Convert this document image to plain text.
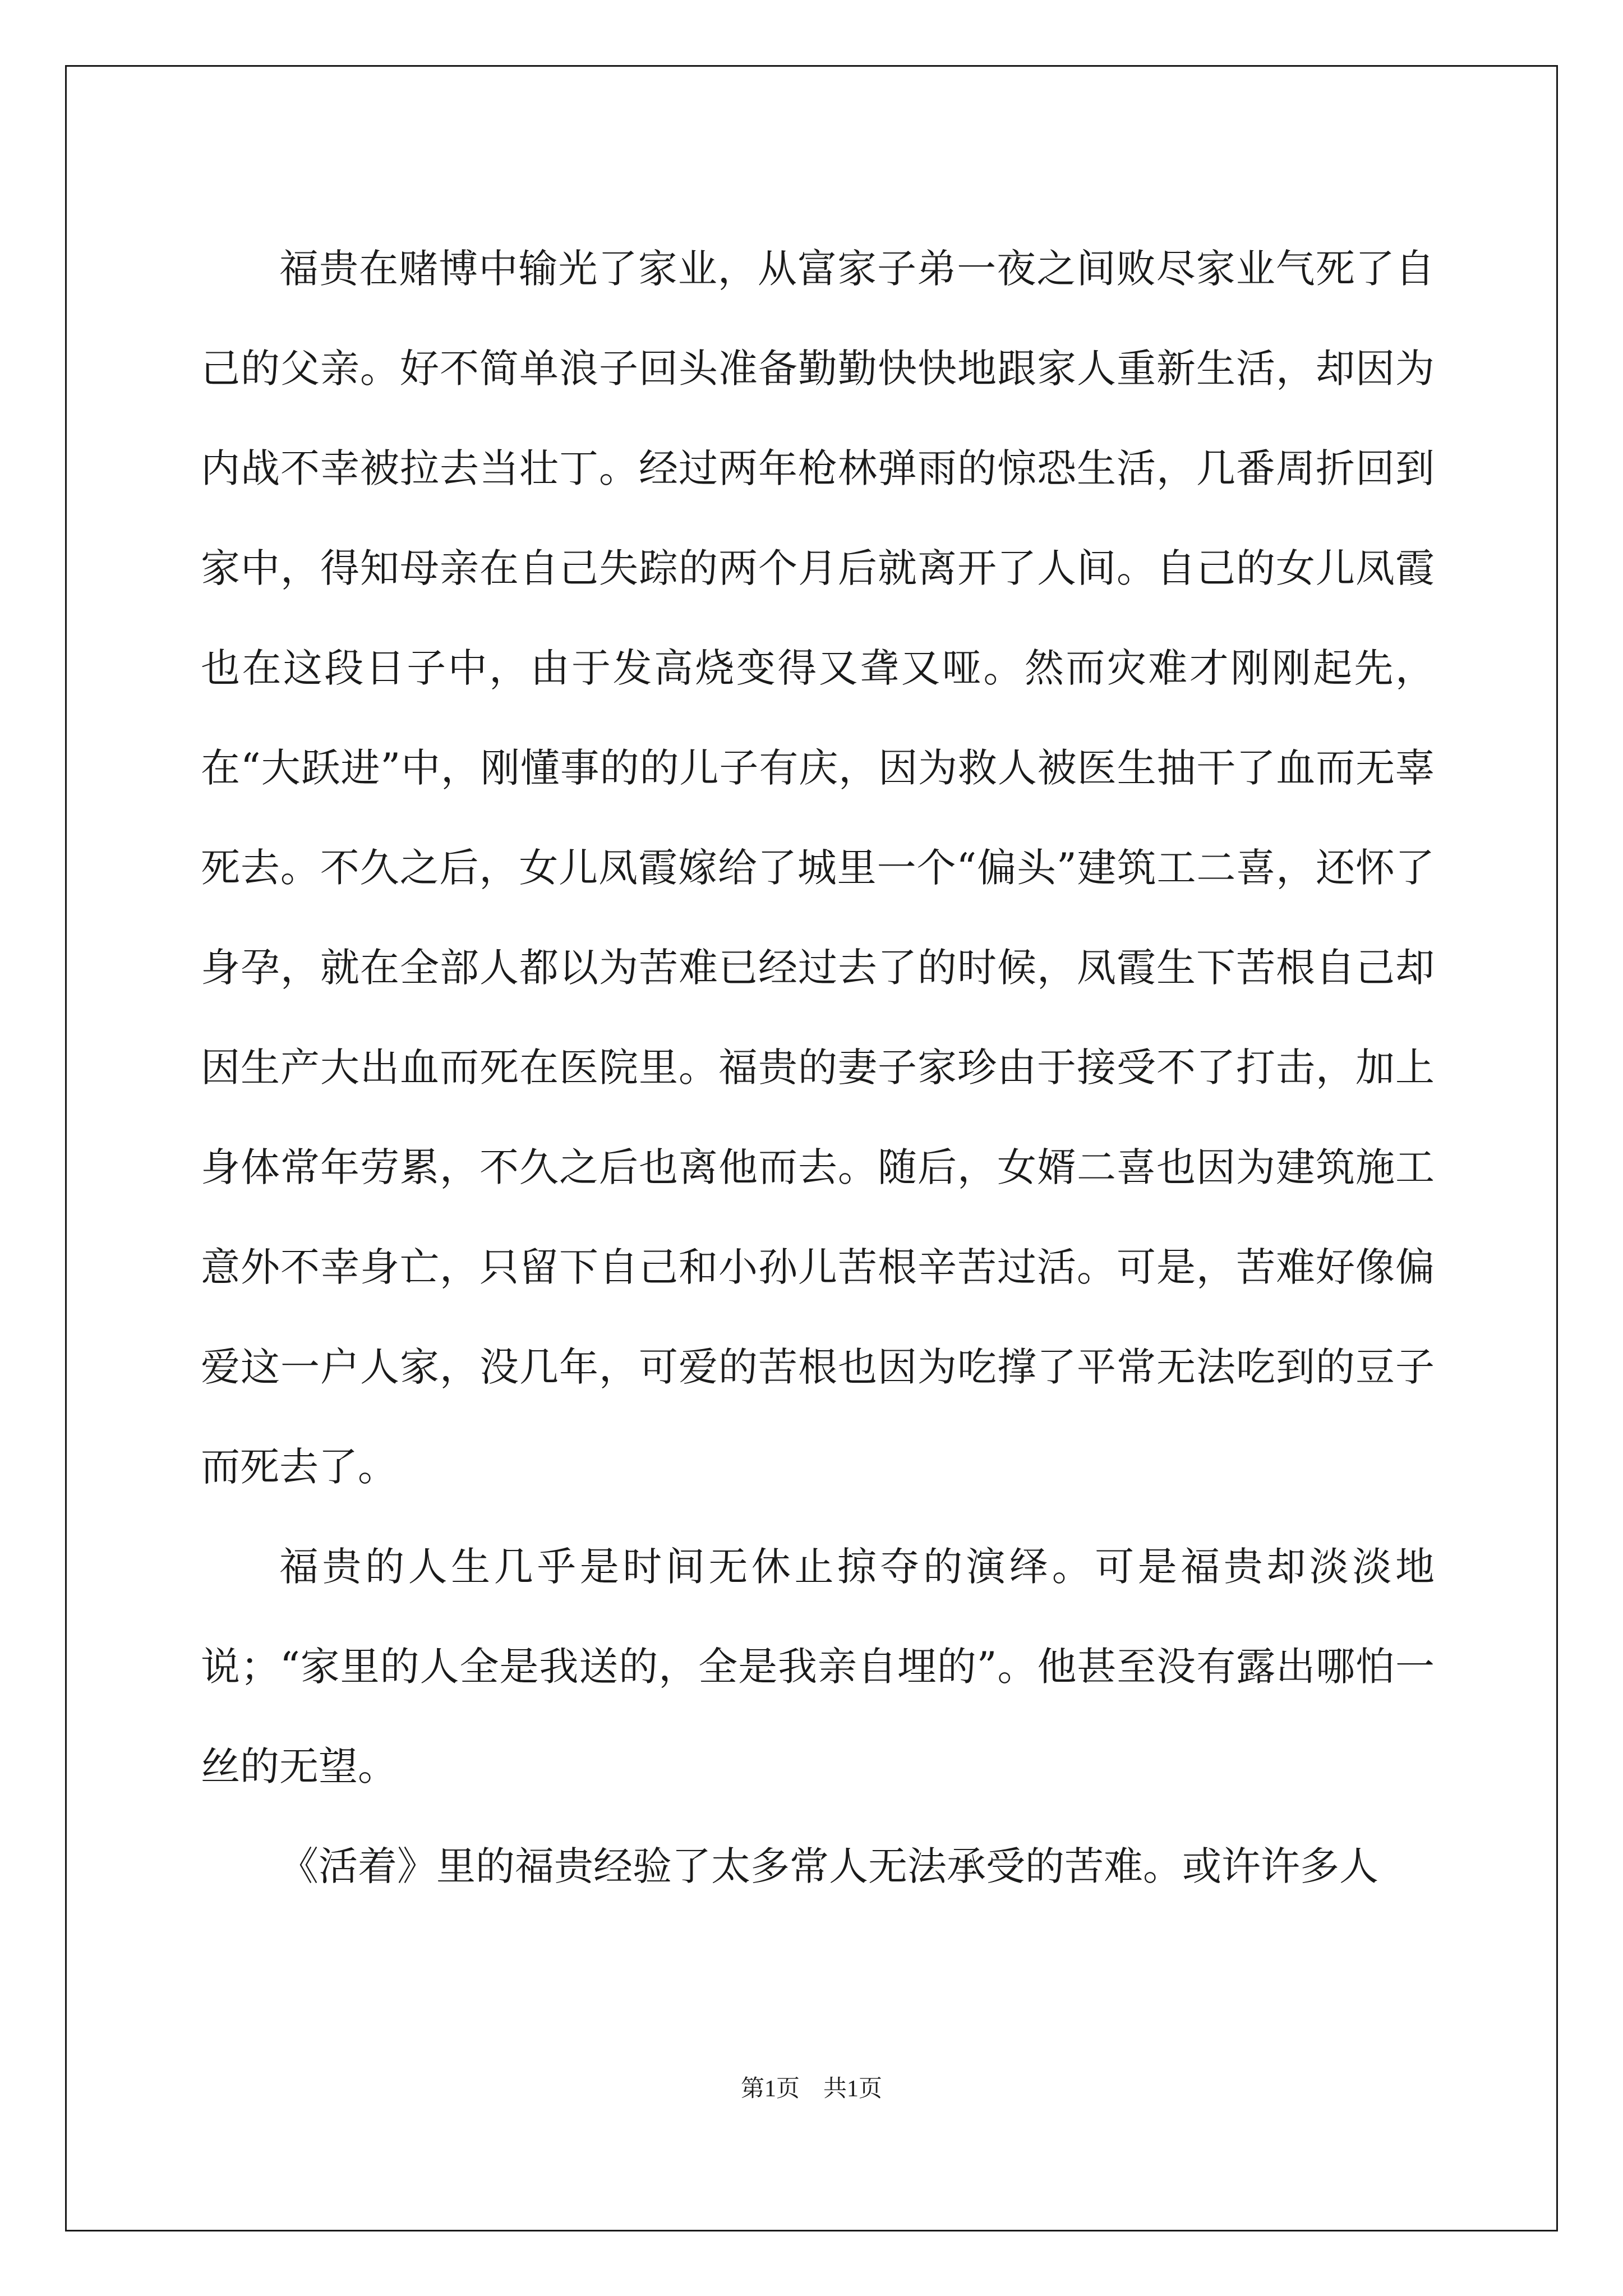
福贵在赌博中输光了家业，从富家子弟一夜之间败尽家业气死了自己的父亲。好不简单浪子回头准备勤勤快快地跟家人重新生活，却因为内战不幸被拉去当壮丁。经过两年枪林弹雨的惊恐生活，几番周折回到家中，得知母亲在自己失踪的两个月后就离开了人间。自己的女儿凤霞也在这段日子中，由于发高烧变得又聋又哑。然而灾难才刚刚起先，在“大跃进”中，刚懂事的的儿子有庆，因为救人被医生抽干了血而无辜死去。不久之后，女儿凤霞嫁给了城里一个“偏头”建筑工二喜，还怀了身孕，就在全部人都以为苦难已经过去了的时候，凤霞生下苦根自己却因生产大出血而死在医院里。福贵的妻子家珍由于接受不了打击，加上身体常年劳累，不久之后也离他而去。随后，女婿二喜也因为建筑施工意外不幸身亡，只留下自己和小孙儿苦根辛苦过活。可是，苦难好像偏爱这一户人家，没几年，可爱的苦根也因为吃撑了平常无法吃到的豆子而死去了。

福贵的人生几乎是时间无休止掠夺的演绎。可是福贵却淡淡地说；“家里的人全是我送的，全是我亲自埋的”。他甚至没有露出哪怕一丝的无望。

《活着》里的福贵经验了太多常人无法承受的苦难。或许许多人

第1页　共1页
